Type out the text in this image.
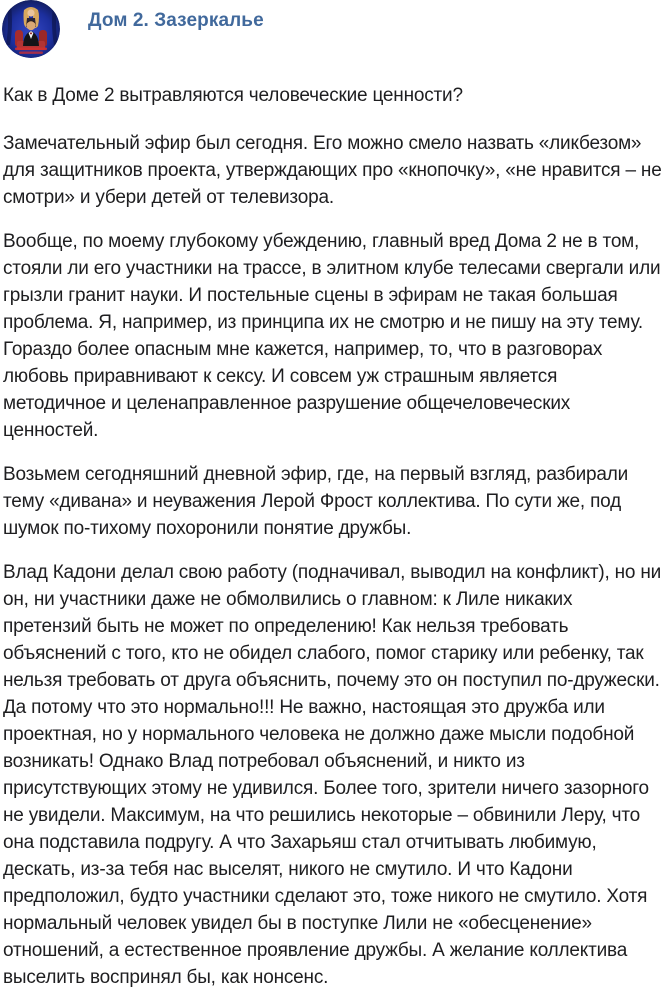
Дом 2. Зазеркалье

Как в Доме 2 вытравляются человеческие ценности?

Замечательный эфир был сегодня. Его можно смело назвать «ликбезом» для защитников проекта, утверждающих про «кнопочку», «не нравится – не смотри» и убери детей от телевизора.

Вообще, по моему глубокому убеждению, главный вред Дома 2 не в том, стояли ли его участники на трассе, в элитном клубе телесами свергали или грызли гранит науки. И постельные сцены в эфирам не такая большая проблема. Я, например, из принципа их не смотрю и не пишу на эту тему. Гораздо более опасным мне кажется, например, то, что в разговорах любовь приравнивают к сексу. И совсем уж страшным является методичное и целенаправленное разрушение общечеловеческих ценностей.

Возьмем сегодняшний дневной эфир, где, на первый взгляд, разбирали тему «дивана» и неуважения Лерой Фрост коллектива. По сути же, под шумок по-тихому похоронили понятие дружбы.

Влад Кадони делал свою работу (подначивал, выводил на конфликт), но ни он, ни участники даже не обмолвились о главном: к Лиле никаких претензий быть не может по определению! Как нельзя требовать объяснений с того, кто не обидел слабого, помог старику или ребенку, так нельзя требовать от друга объяснить, почему это он поступил по-дружески. Да потому что это нормально!!! Не важно, настоящая это дружба или проектная, но у нормального человека не должно даже мысли подобной возникать! Однако Влад потребовал объяснений, и никто из присутствующих этому не удивился. Более того, зрители ничего зазорного не увидели. Максимум, на что решились некоторые – обвинили Леру, что она подставила подругу. А что Захарьяш стал отчитывать любимую, дескать, из-за тебя нас выселят, никого не смутило. И что Кадони предположил, будто участники сделают это, тоже никого не смутило. Хотя нормальный человек увидел бы в поступке Лили не «обесценение» отношений, а естественное проявление дружбы. А желание коллектива выселить воспринял бы, как нонсенс.
